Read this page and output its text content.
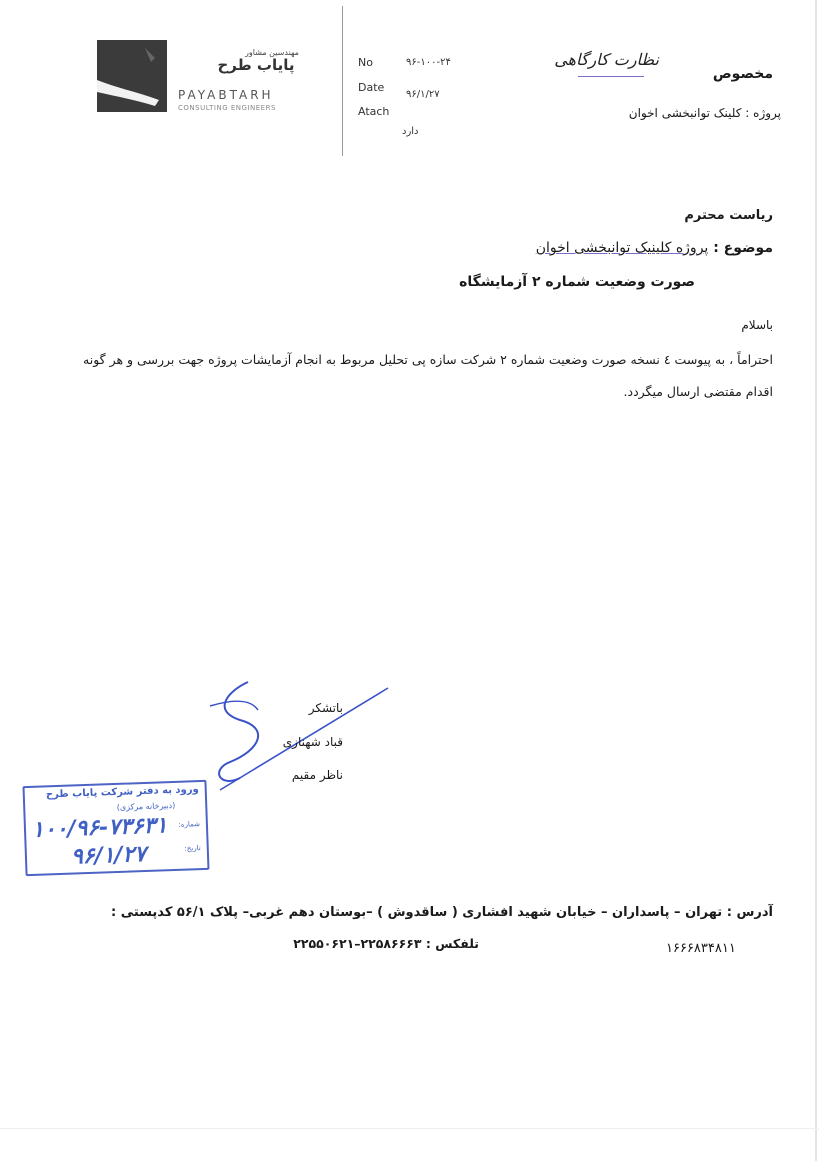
مهندسین مشاور
پایاب طرح
PAYABTARH
CONSULTING ENGINEERS
No	۹۶-۱۰۰-۲۴
Date
۹۶/۱/۲۷
Atach
دارد
مخصوص
نظارت کارگاهی
پروژه : کلینک توانبخشی اخوان
ریاست محترم
موضوع : پروژه کلینیک توانبخشی اخوان
صورت وضعیت شماره ۲ آزمایشگاه
باسلام
احتراماً ، به پیوست ٤ نسخه صورت وضعیت شماره ۲ شرکت سازه پی تحلیل مربوط به انجام آزمایشات پروژه جهت بررسی و هر گونه اقدام مقتضی ارسال میگردد.
باتشکر
قباد شهنازی
ناظر مقیم
ورود به دفتر شرکت پایاب طرح
(دبیرخانه مرکزی)
شماره:
۱۰۰/۹۶-۷۳۶۳۱
تاریخ:
۹۶/۱/۲۷
آدرس : تهران – پاسداران – خیابان شهید افشاری ( ساقدوش ) –بوستان دهم غربی– پلاک ۵۶/۱ کدپستی :
۱۶۶۶۸۳۴۸۱۱
تلفکس : ۲۲۵۸۶۶۶۳–۲۲۵۵۰۶۲۱
